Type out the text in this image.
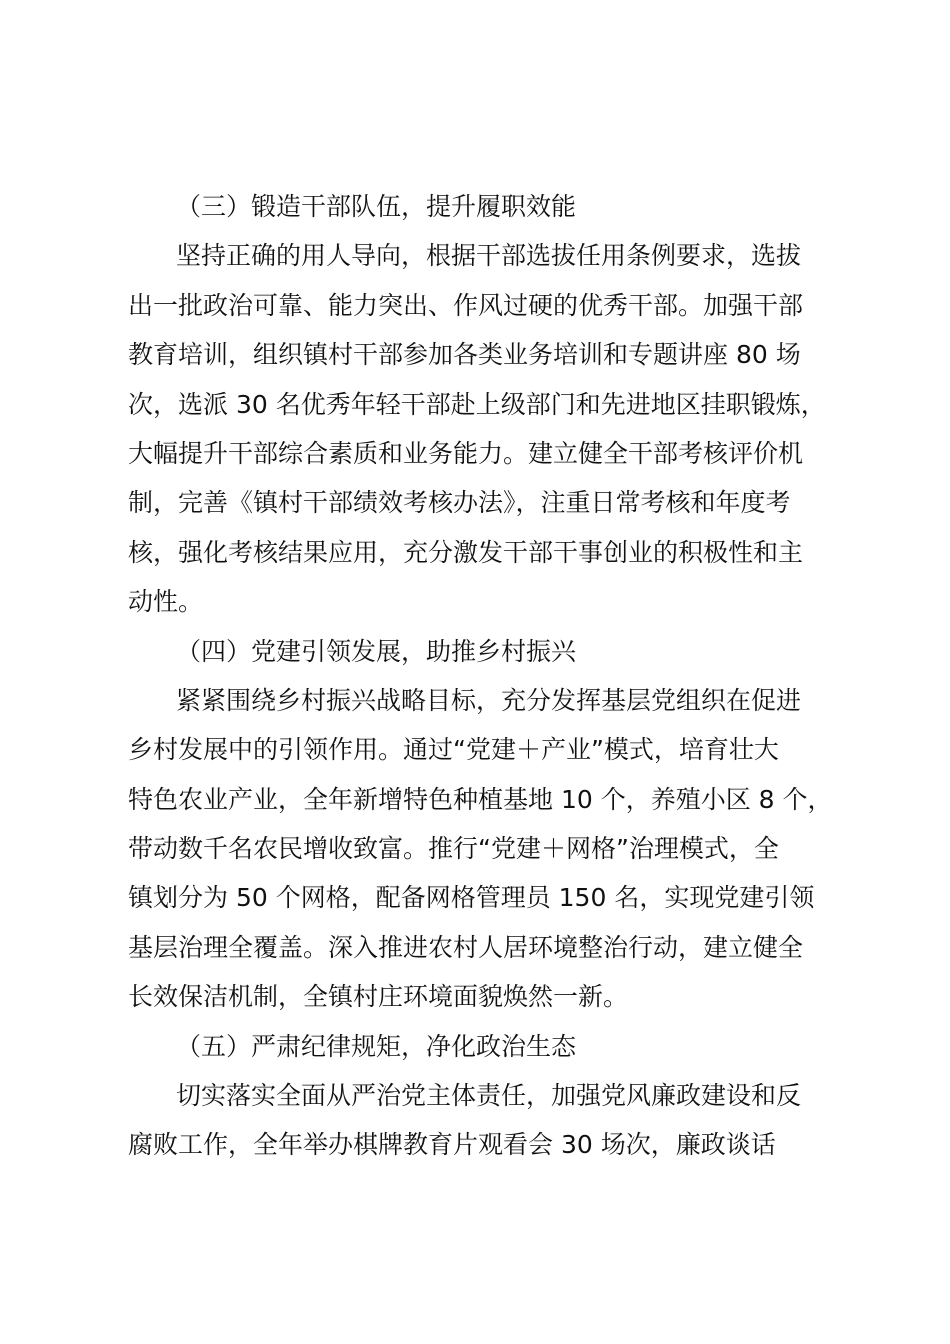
（三）锻造干部队伍，提升履职效能
坚持正确的用人导向，根据干部选拔任用条例要求，选拔
出一批政治可靠、能力突出、作风过硬的优秀干部。加强干部
教育培训，组织镇村干部参加各类业务培训和专题讲座 80 场
次，选派 30 名优秀年轻干部赴上级部门和先进地区挂职锻炼，
大幅提升干部综合素质和业务能力。建立健全干部考核评价机
制，完善《镇村干部绩效考核办法》，注重日常考核和年度考
核，强化考核结果应用，充分激发干部干事创业的积极性和主
动性。
（四）党建引领发展，助推乡村振兴
紧紧围绕乡村振兴战略目标，充分发挥基层党组织在促进
乡村发展中的引领作用。通过“党建＋产业”模式，培育壮大
特色农业产业，全年新增特色种植基地 10 个，养殖小区 8 个，
带动数千名农民增收致富。推行“党建＋网格”治理模式，全
镇划分为 50 个网格，配备网格管理员 150 名，实现党建引领
基层治理全覆盖。深入推进农村人居环境整治行动，建立健全
长效保洁机制，全镇村庄环境面貌焕然一新。
（五）严肃纪律规矩，净化政治生态
切实落实全面从严治党主体责任，加强党风廉政建设和反
腐败工作，全年举办棋牌教育片观看会 30 场次，廉政谈话
